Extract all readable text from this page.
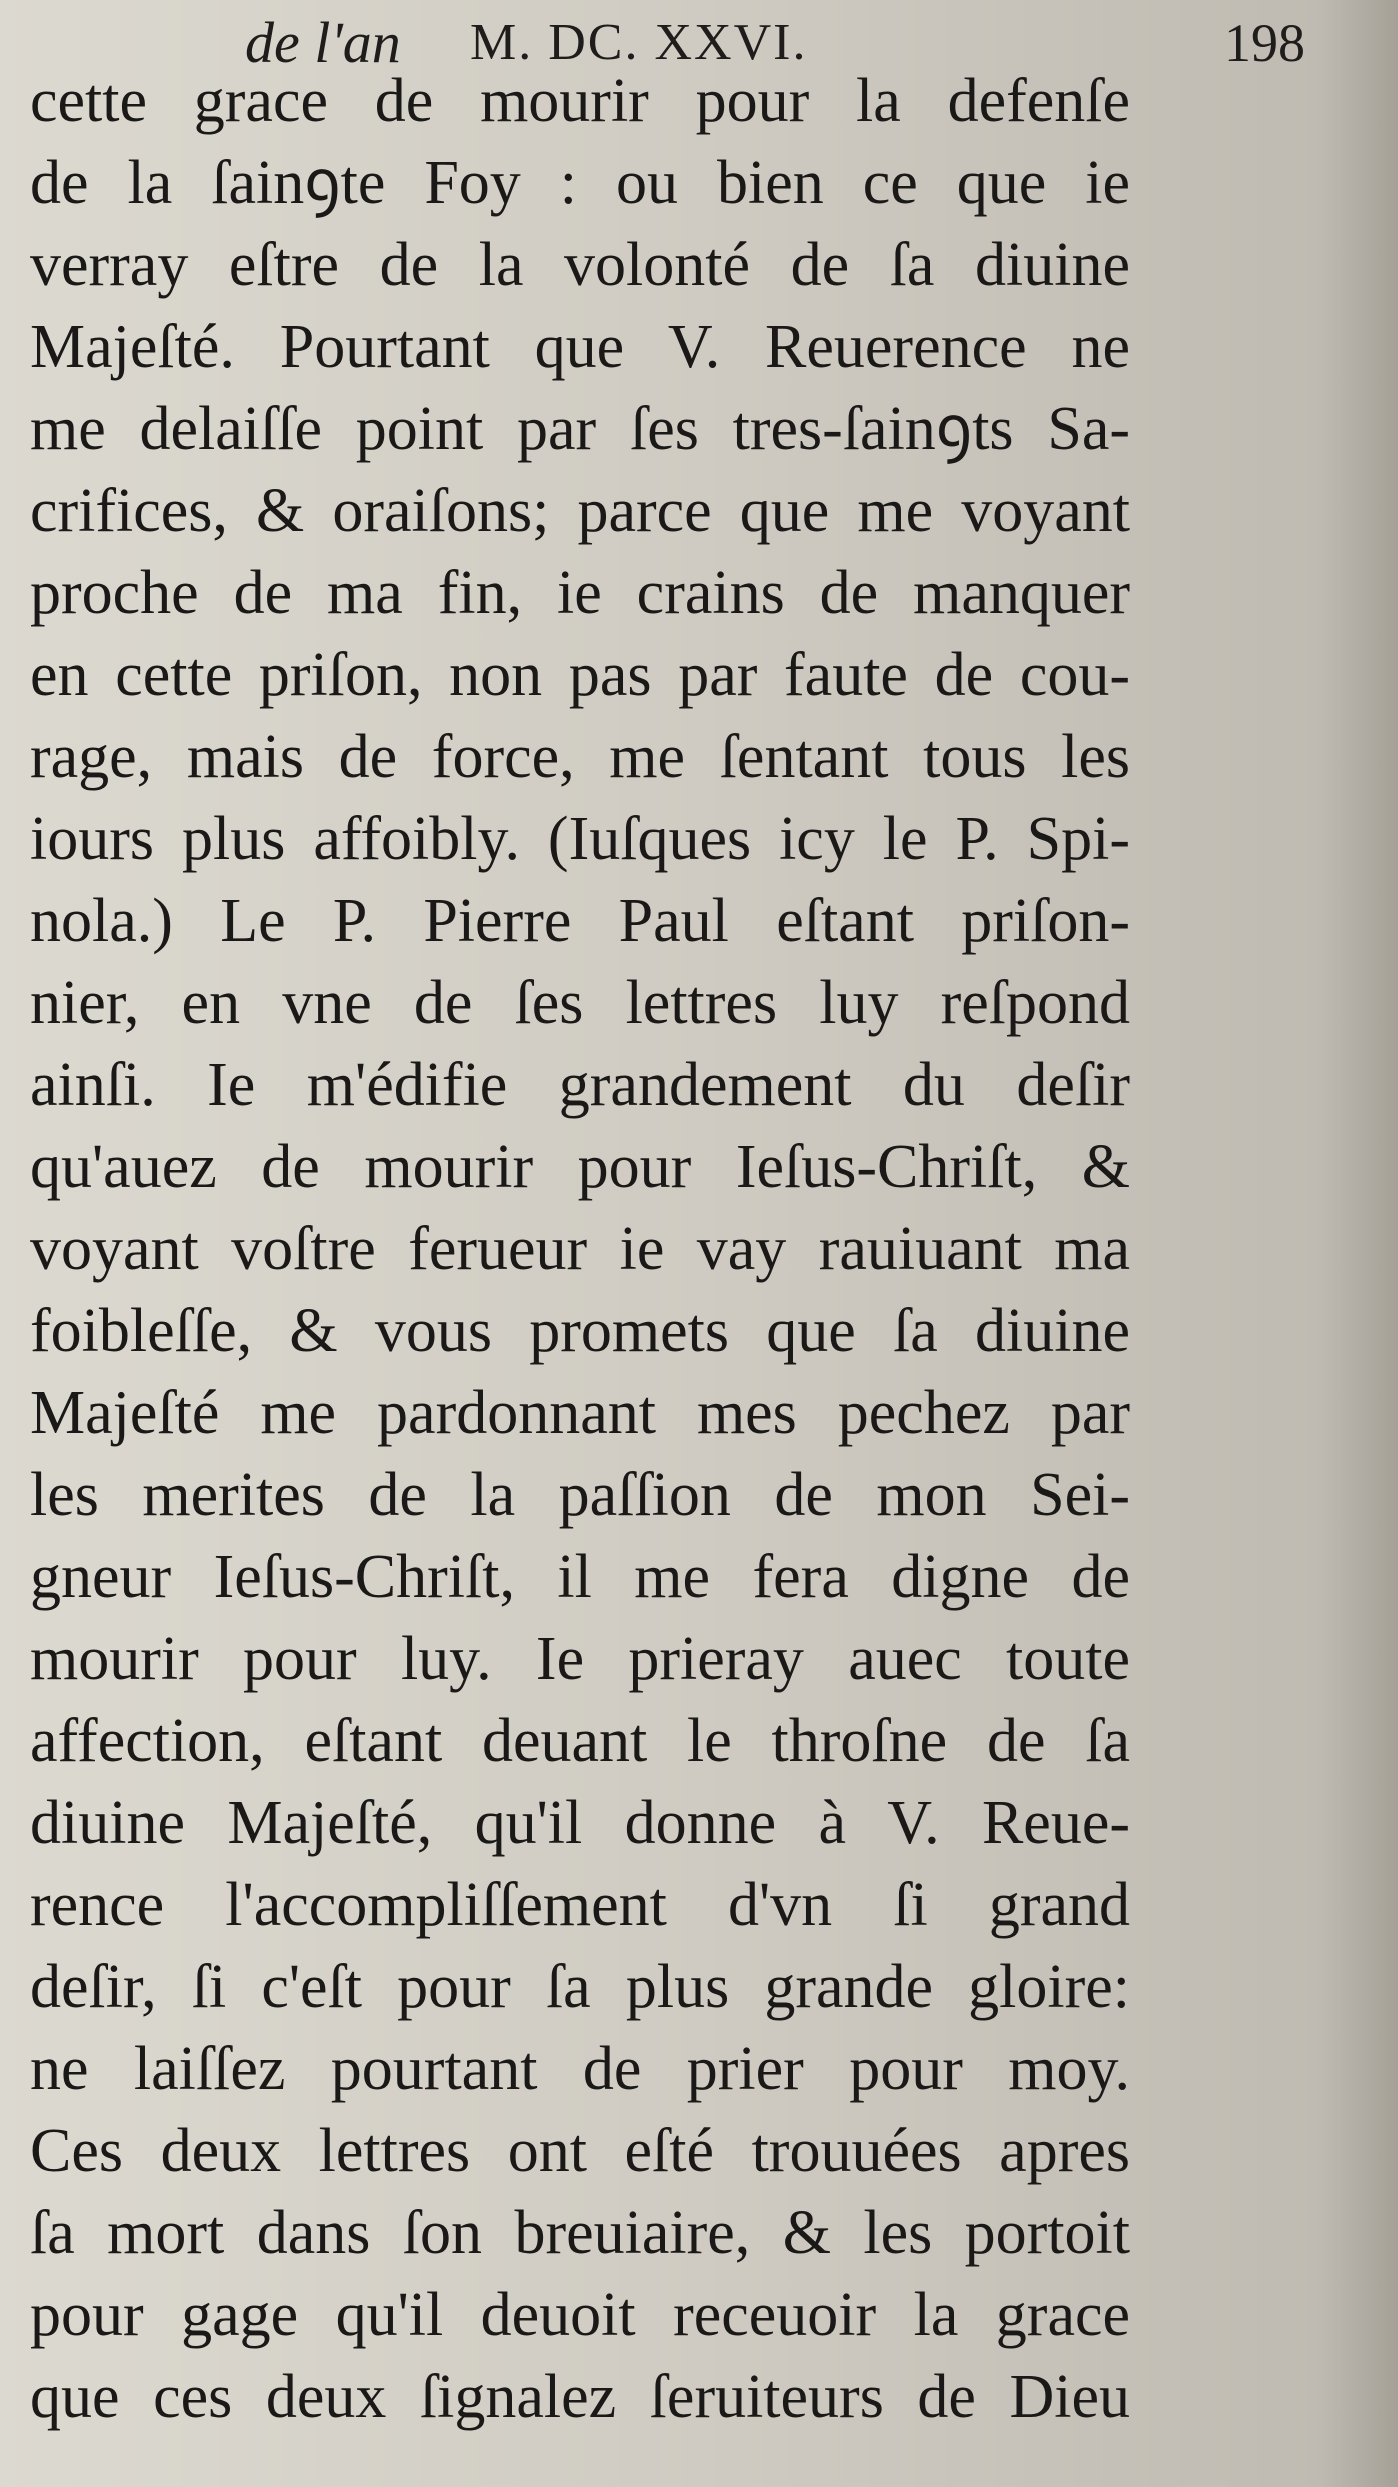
de l'an M. DC. XXVI.	198
cette grace de mourir pour la defenſe
de la ſainꝯte Foy : ou bien ce que ie
verray eſtre de la volonté de ſa diuine
Majeſté. Pourtant que V. Reuerence ne
me delaiſſe point par ſes tres-ſainꝯts Sa-
crifices, & oraiſons; parce que me voyant
proche de ma fin, ie crains de manquer
en cette priſon, non pas par faute de cou-
rage, mais de force, me ſentant tous les
iours plus affoibly. (Iuſques icy le P. Spi-
nola.) Le P. Pierre Paul eſtant priſon-
nier, en vne de ſes lettres luy reſpond
ainſi. Ie m'édifie grandement du deſir
qu'auez de mourir pour Ieſus-Chriſt, &
voyant voſtre ferueur ie vay rauiuant ma
foibleſſe, & vous promets que ſa diuine
Majeſté me pardonnant mes pechez par
les merites de la paſſion de mon Sei-
gneur Ieſus-Chriſt, il me fera digne de
mourir pour luy. Ie prieray auec toute
affection, eſtant deuant le throſne de ſa
diuine Majeſté, qu'il donne à V. Reue-
rence l'accompliſſement d'vn ſi grand
deſir, ſi c'eſt pour ſa plus grande gloire:
ne laiſſez pourtant de prier pour moy.
Ces deux lettres ont eſté trouuées apres
ſa mort dans ſon breuiaire, & les portoit
pour gage qu'il deuoit receuoir la grace
que ces deux ſignalez ſeruiteurs de Dieu
